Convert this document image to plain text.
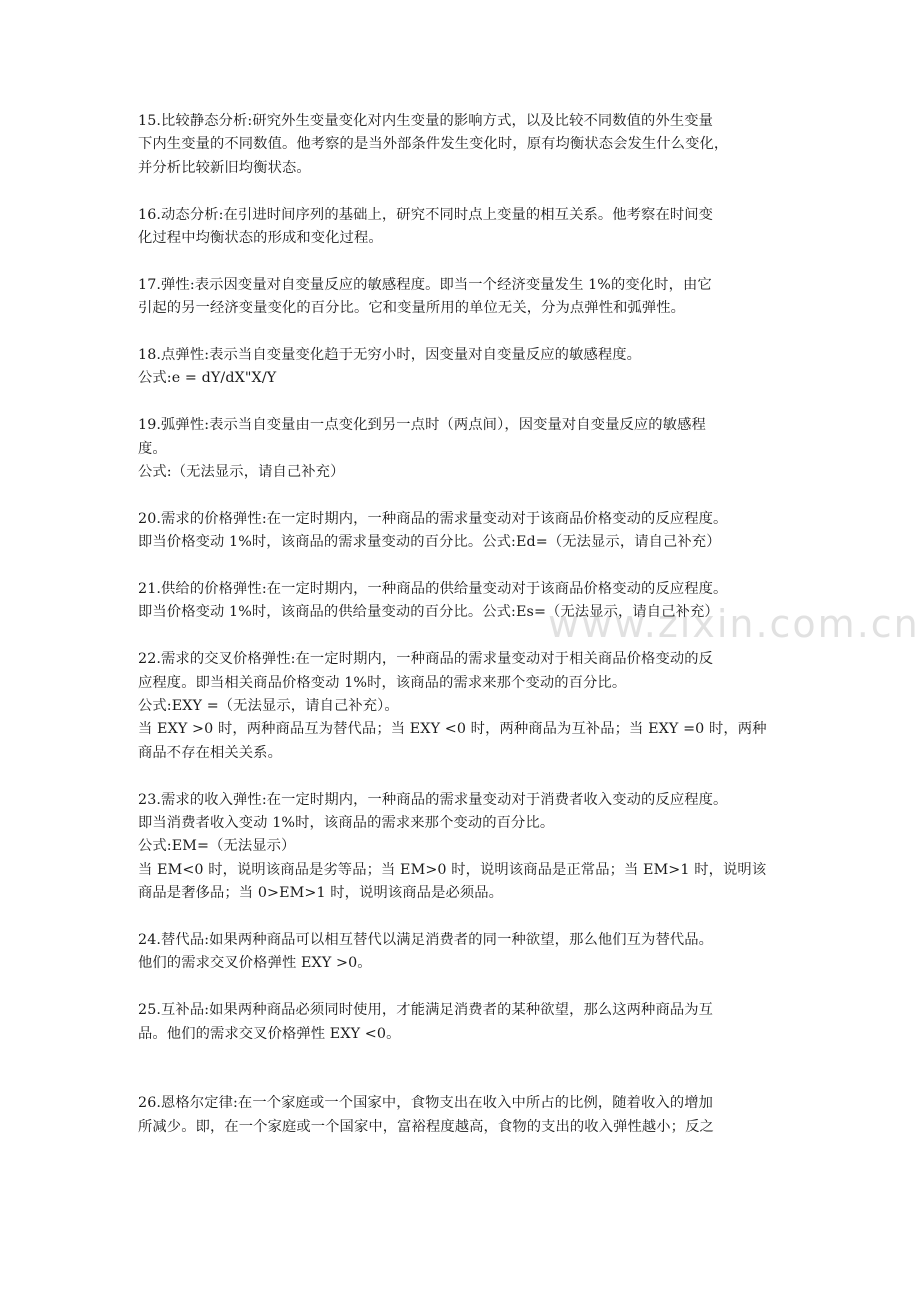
15.比较静态分析:研究外生变量变化对内生变量的影响方式，以及比较不同数值的外生变量
下内生变量的不同数值。他考察的是当外部条件发生变化时，原有均衡状态会发生什么变化，
并分析比较新旧均衡状态。
16.动态分析:在引进时间序列的基础上，研究不同时点上变量的相互关系。他考察在时间变
化过程中均衡状态的形成和变化过程。
17.弹性:表示因变量对自变量反应的敏感程度。即当一个经济变量发生 1%的变化时，由它
引起的另一经济变量变化的百分比。它和变量所用的单位无关，分为点弹性和弧弹性。
18.点弹性:表示当自变量变化趋于无穷小时，因变量对自变量反应的敏感程度。
公式:e = dY/dX"X/Y
19.弧弹性:表示当自变量由一点变化到另一点时（两点间），因变量对自变量反应的敏感程
度。
公式:（无法显示，请自己补充）
20.需求的价格弹性:在一定时期内，一种商品的需求量变动对于该商品价格变动的反应程度。
即当价格变动 1%时，该商品的需求量变动的百分比。公式:Ed=（无法显示，请自己补充）
21.供给的价格弹性:在一定时期内，一种商品的供给量变动对于该商品价格变动的反应程度。
即当价格变动 1%时，该商品的供给量变动的百分比。公式:Es=（无法显示，请自己补充）
22.需求的交叉价格弹性:在一定时期内，一种商品的需求量变动对于相关商品价格变动的反
应程度。即当相关商品价格变动 1%时，该商品的需求来那个变动的百分比。
公式:EXY =（无法显示，请自己补充）。
当 EXY >0 时，两种商品互为替代品；当 EXY <0 时，两种商品为互补品；当 EXY =0 时，两种
商品不存在相关关系。
23.需求的收入弹性:在一定时期内，一种商品的需求量变动对于消费者收入变动的反应程度。
即当消费者收入变动 1%时，该商品的需求来那个变动的百分比。
公式:EM=（无法显示）
当 EM<0 时，说明该商品是劣等品；当 EM>0 时，说明该商品是正常品；当 EM>1 时，说明该
商品是奢侈品；当 0>EM>1 时，说明该商品是必须品。
24.替代品:如果两种商品可以相互替代以满足消费者的同一种欲望，那么他们互为替代品。
他们的需求交叉价格弹性 EXY >0。
25.互补品:如果两种商品必须同时使用，才能满足消费者的某种欲望，那么这两种商品为互
品。他们的需求交叉价格弹性 EXY <0。
26.恩格尔定律:在一个家庭或一个国家中，食物支出在收入中所占的比例，随着收入的增加
所减少。即，在一个家庭或一个国家中，富裕程度越高，食物的支出的收入弹性越小；反之
www.zixin.com.cn
